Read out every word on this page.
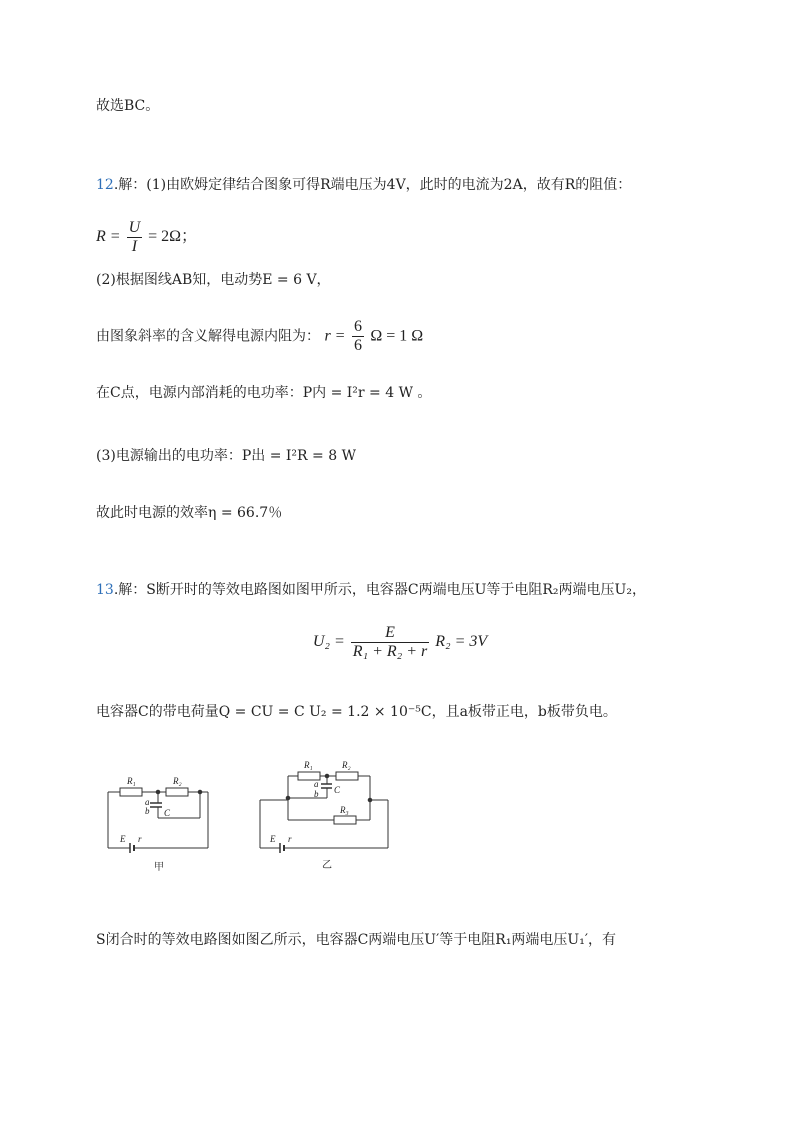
故选BC。
12.解：(1)由欧姆定律结合图象可得R端电压为4V，此时的电流为2A，故有R的阻值：
$R = \frac{U}{I} = 2\Omega$；
(2)根据图线AB知，电动势E = 6 V，
由图象斜率的含义解得电源内阻为： $r = \frac{6}{6}$ Ω = 1 Ω
在C点，电源内部消耗的电功率：P内 = I²r = 4 W 。
(3)电源输出的电功率：P出 = I²R = 8 W
故此时电源的效率η = 66.7％
13.解：S断开时的等效电路图如图甲所示，电容器C两端电压U等于电阻R₂两端电压U₂，
$U_2 = \frac{E}{\text{R₁ + R₂ + r}} R_2 = 3V$
电容器C的带电荷量Q = CU = C U₂ = 1.2 × 10⁻⁵C，且a板带正电，b板带负电。
R₁	R₂
a
b C
E r
甲
R₁	R₂
a
b C
R₃
E r
乙
S闭合时的等效电路图如图乙所示，电容器C两端电压U′等于电阻R₁两端电压U₁′，有
